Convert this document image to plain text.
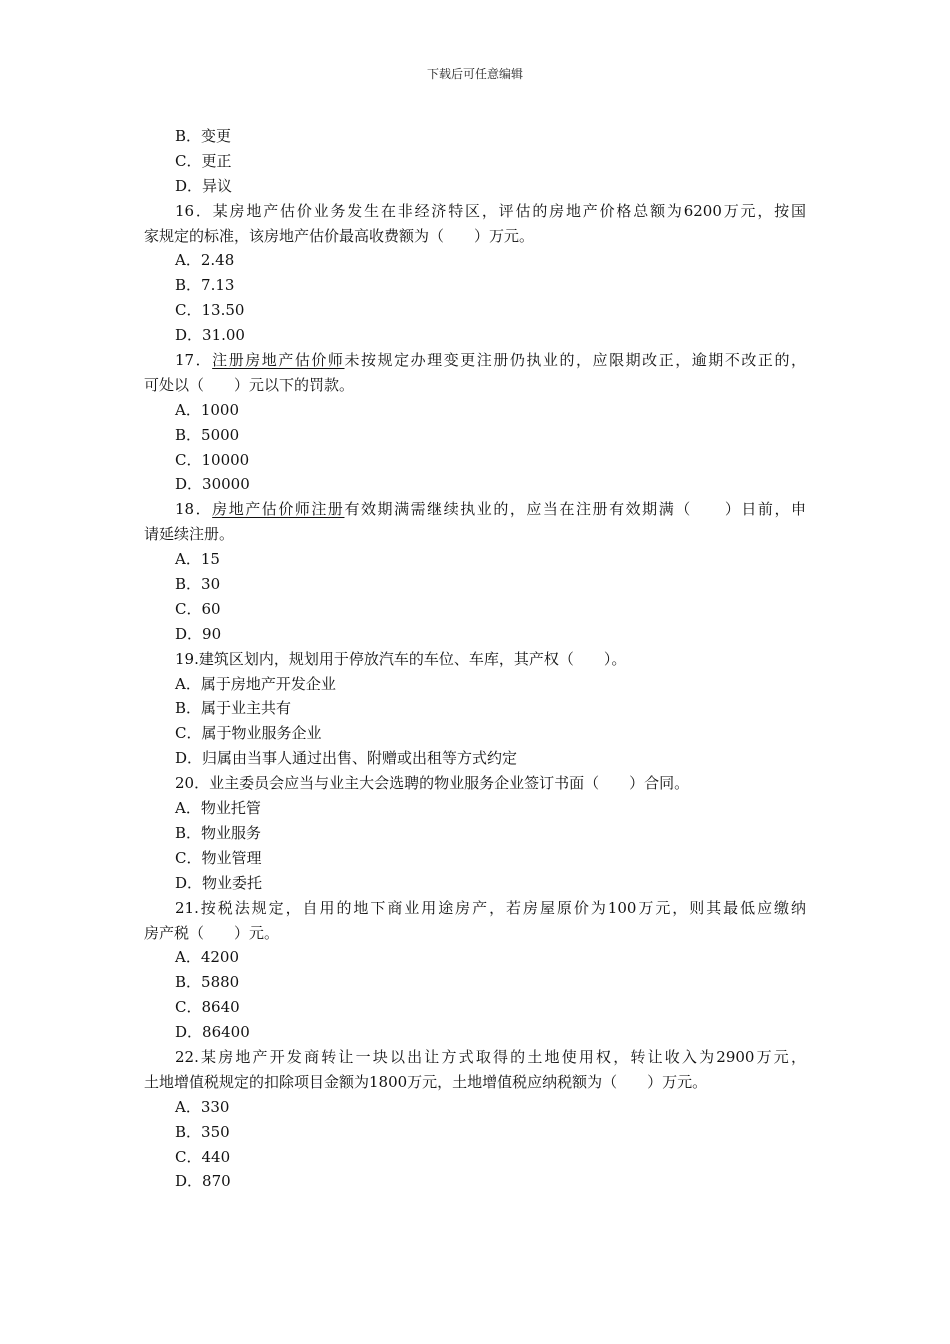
下载后可任意编辑
B．变更
C．更正
D．异议
16．某房地产估价业务发生在非经济特区，评估的房地产价格总额为6200万元，按国
家规定的标准，该房地产估价最高收费额为（　　）万元。
A．2.48
B．7.13
C．13.50
D．31.00
17．注册房地产估价师未按规定办理变更注册仍执业的，应限期改正，逾期不改正的，
可处以（　　）元以下的罚款。
A．1000
B．5000
C．10000
D．30000
18．房地产估价师注册有效期满需继续执业的，应当在注册有效期满（　　）日前，申
请延续注册。
A．15
B．30
C．60
D．90
19.建筑区划内，规划用于停放汽车的车位、车库，其产权（　　）。
A．属于房地产开发企业
B．属于业主共有
C．属于物业服务企业
D．归属由当事人通过出售、附赠或出租等方式约定
20．业主委员会应当与业主大会选聘的物业服务企业签订书面（　　）合同。
A．物业托管
B．物业服务
C．物业管理
D．物业委托
21.按税法规定，自用的地下商业用途房产，若房屋原价为100万元，则其最低应缴纳
房产税（　　）元。
A．4200
B．5880
C．8640
D．86400
22.某房地产开发商转让一块以出让方式取得的土地使用权，转让收入为2900万元，
土地增值税规定的扣除项目金额为1800万元，土地增值税应纳税额为（　　）万元。
A．330
B．350
C．440
D．870
